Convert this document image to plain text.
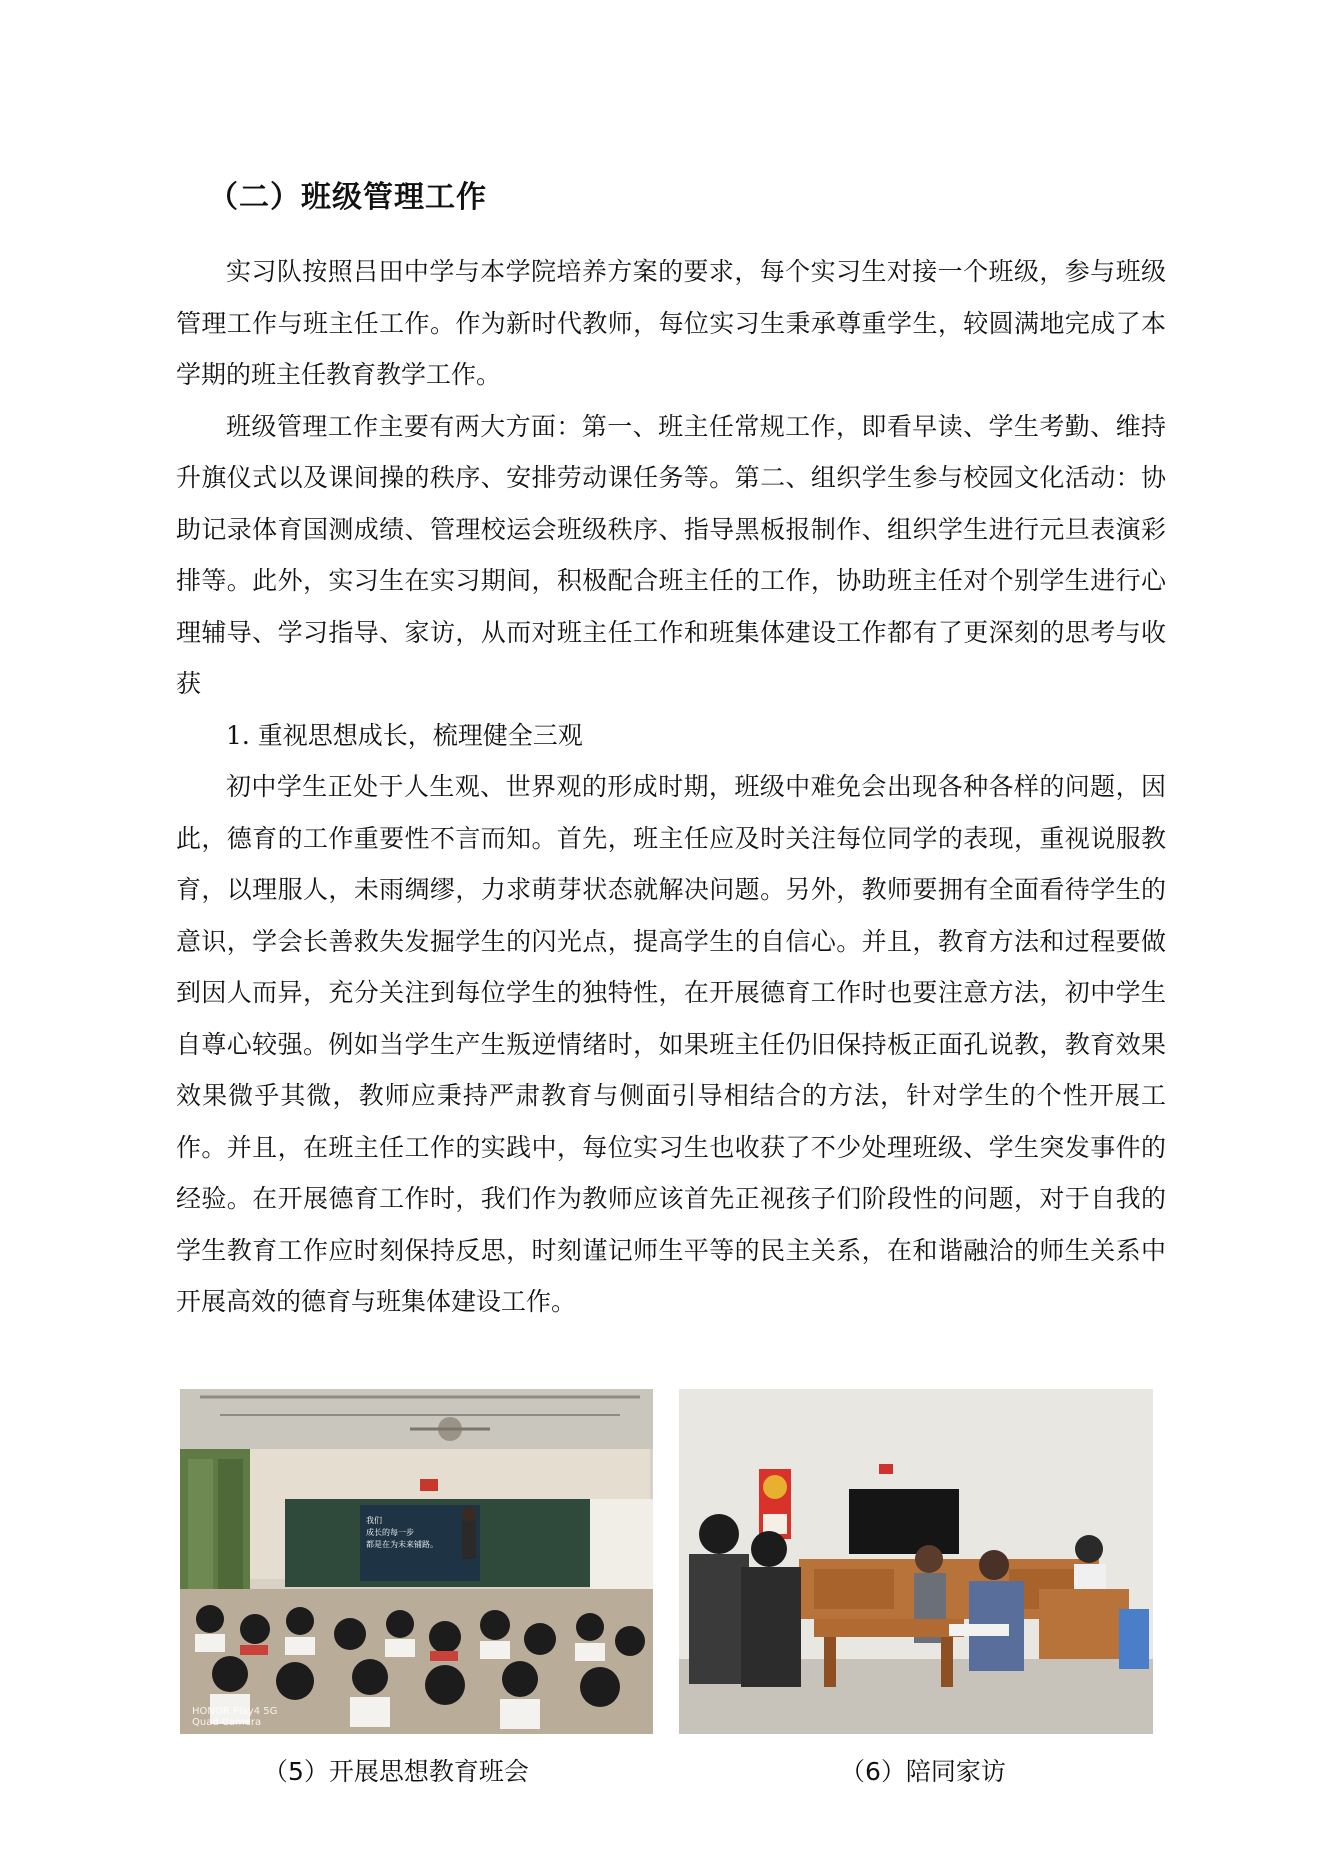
（二）班级管理工作

实习队按照吕田中学与本学院培养方案的要求，每个实习生对接一个班级，参与班级管理工作与班主任工作。作为新时代教师，每位实习生秉承尊重学生，较圆满地完成了本学期的班主任教育教学工作。

班级管理工作主要有两大方面：第一、班主任常规工作，即看早读、学生考勤、维持升旗仪式以及课间操的秩序、安排劳动课任务等。第二、组织学生参与校园文化活动：协助记录体育国测成绩、管理校运会班级秩序、指导黑板报制作、组织学生进行元旦表演彩排等。此外，实习生在实习期间，积极配合班主任的工作，协助班主任对个别学生进行心理辅导、学习指导、家访，从而对班主任工作和班集体建设工作都有了更深刻的思考与收获

1. 重视思想成长，梳理健全三观

初中学生正处于人生观、世界观的形成时期，班级中难免会出现各种各样的问题，因此，德育的工作重要性不言而知。首先，班主任应及时关注每位同学的表现，重视说服教育，以理服人，未雨绸缪，力求萌芽状态就解决问题。另外，教师要拥有全面看待学生的意识，学会长善救失发掘学生的闪光点，提高学生的自信心。并且，教育方法和过程要做到因人而异，充分关注到每位学生的独特性，在开展德育工作时也要注意方法，初中学生自尊心较强。例如当学生产生叛逆情绪时，如果班主任仍旧保持板正面孔说教，教育效果效果微乎其微，教师应秉持严肃教育与侧面引导相结合的方法，针对学生的个性开展工作。并且，在班主任工作的实践中，每位实习生也收获了不少处理班级、学生突发事件的经验。在开展德育工作时，我们作为教师应该首先正视孩子们阶段性的问题，对于自我的学生教育工作应时刻保持反思，时刻谨记师生平等的民主关系，在和谐融洽的师生关系中开展高效的德育与班集体建设工作。

我们
成长的每一步
都是在为未来铺路。
HONOR Play4 5G
Quad Camera
（5）开展思想教育班会	（6）陪同家访
